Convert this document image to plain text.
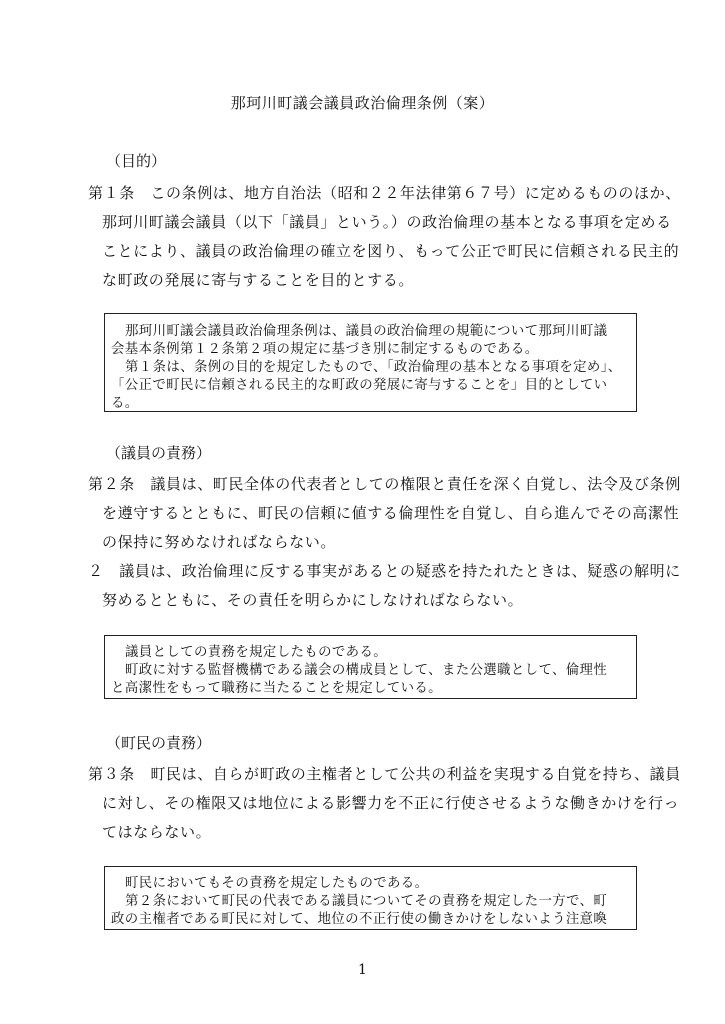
那珂川町議会議員政治倫理条例（案）
（目的）
第１条　この条例は、地方自治法（昭和２２年法律第６７号）に定めるもののほか、
那珂川町議会議員（以下「議員」という。）の政治倫理の基本となる事項を定める
ことにより、議員の政治倫理の確立を図り、もって公正で町民に信頼される民主的
な町政の発展に寄与することを目的とする。
那珂川町議会議員政治倫理条例は、議員の政治倫理の規範について那珂川町議
会基本条例第１２条第２項の規定に基づき別に制定するものである。
第１条は、条例の目的を規定したもので、「政治倫理の基本となる事項を定め」、
「公正で町民に信頼される民主的な町政の発展に寄与することを」目的としてい
る。
（議員の責務）
第２条　議員は、町民全体の代表者としての権限と責任を深く自覚し、法令及び条例
を遵守するとともに、町民の信頼に値する倫理性を自覚し、自ら進んでその高潔性
の保持に努めなければならない。
２　議員は、政治倫理に反する事実があるとの疑惑を持たれたときは、疑惑の解明に
努めるとともに、その責任を明らかにしなければならない。
議員としての責務を規定したものである。
町政に対する監督機構である議会の構成員として、また公選職として、倫理性
と高潔性をもって職務に当たることを規定している。
（町民の責務）
第３条　町民は、自らが町政の主権者として公共の利益を実現する自覚を持ち、議員
に対し、その権限又は地位による影響力を不正に行使させるような働きかけを行っ
てはならない。
町民においてもその責務を規定したものである。
第２条において町民の代表である議員についてその責務を規定した一方で、町
政の主権者である町民に対して、地位の不正行使の働きかけをしないよう注意喚
1
